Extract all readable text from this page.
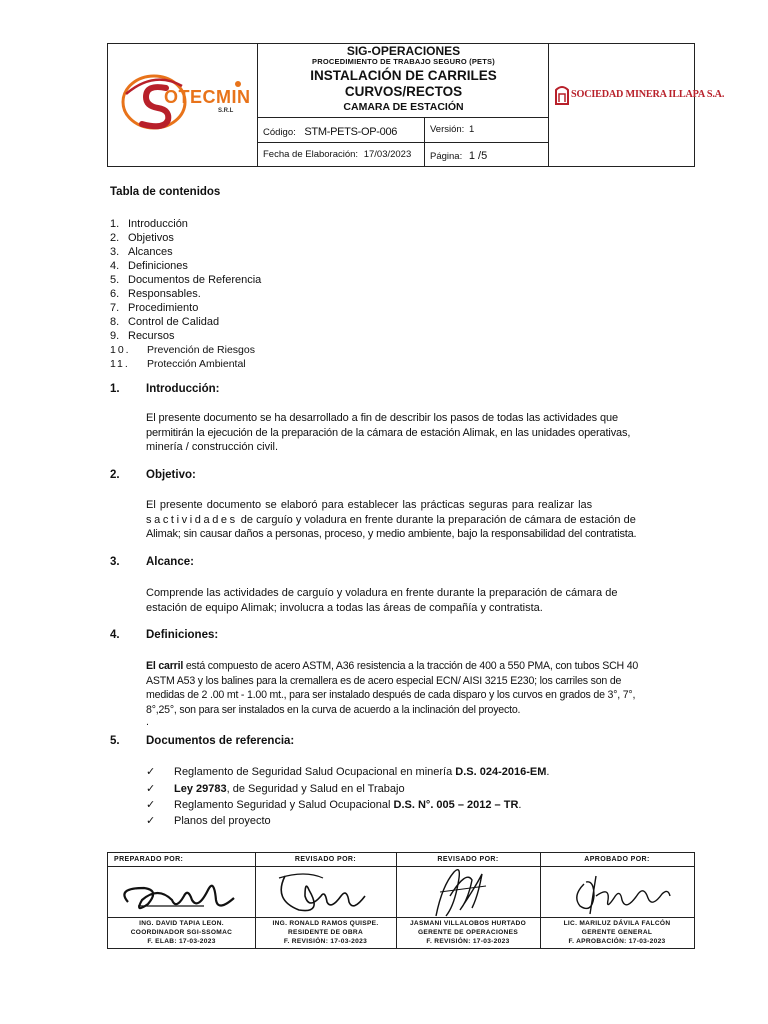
OTECMIN
S.R.L
SIG-OPERACIONES
PROCEDIMIENTO DE TRABAJO SEGURO (PETS)
INSTALACIÓN DE CARRILES
CURVOS/RECTOS
CAMARA DE ESTACIÓN
Código: STM-PETS-OP-006	Versión: 1
Fecha de Elaboración: 17/03/2023 Página: 1 /5
SOCIEDAD MINERA ILLAPA S.A.
Tabla de contenidos
1. Introducción
2. Objetivos
3. Alcances
4. Definiciones
5. Documentos de Referencia
6. Responsables.
7. Procedimiento
8. Control de Calidad
9. Recursos
10. Prevención de Riesgos
11. Protección Ambiental
1. Introducción:
El presente documento se ha desarrollado a fin de describir los pasos de todas las actividades que
permitirán la ejecución de la preparación de la cámara de estación Alimak, en las unidades operativas,
minería / construcción civil.
2. Objetivo:
El presente documento se elaboró para establecer las prácticas seguras para realizar las
sactividades de carguío y voladura en frente durante la preparación de cámara de estación de
Alimak; sin causar daños a personas, proceso, y medio ambiente, bajo la responsabilidad del contratista.
3. Alcance:
Comprende las actividades de carguío y voladura en frente durante la preparación de cámara de
estación de equipo Alimak; involucra a todas las áreas de compañía y contratista.
4. Definiciones:
El carril está compuesto de acero ASTM, A36 resistencia a la tracción de 400 a 550 PMA, con tubos SCH 40
ASTM A53 y los balines para la cremallera es de acero especial ECN/ AISI 3215 E230; los carriles son de
medidas de 2 .00 mt - 1.00 mt., para ser instalado después de cada disparo y los curvos en grados de 3°, 7°,
8°,25°, son para ser instalados en la curva de acuerdo a la inclinación del proyecto.
.
5. Documentos de referencia:
✓ Reglamento de Seguridad Salud Ocupacional en minería D.S. 024-2016-EM.
✓ Ley 29783, de Seguridad y Salud en el Trabajo
✓ Reglamento Seguridad y Salud Ocupacional D.S. N°. 005 – 2012 – TR.
✓ Planos del proyecto
PREPARADO POR:
ING. DAVID TAPIA LEON.
COORDINADOR SGI-SSOMAC
F. ELAB: 17-03-2023
REVISADO POR:
ING. RONALD RAMOS QUISPE.
RESIDENTE DE OBRA
F. REVISIÓN: 17-03-2023
REVISADO POR:
JASMANI VILLALOBOS HURTADO
GERENTE DE OPERACIONES
F. REVISIÓN: 17-03-2023
APROBADO POR:
LIC. MARILUZ DÁVILA FALCÓN
GERENTE GENERAL
F. APROBACIÓN: 17-03-2023
